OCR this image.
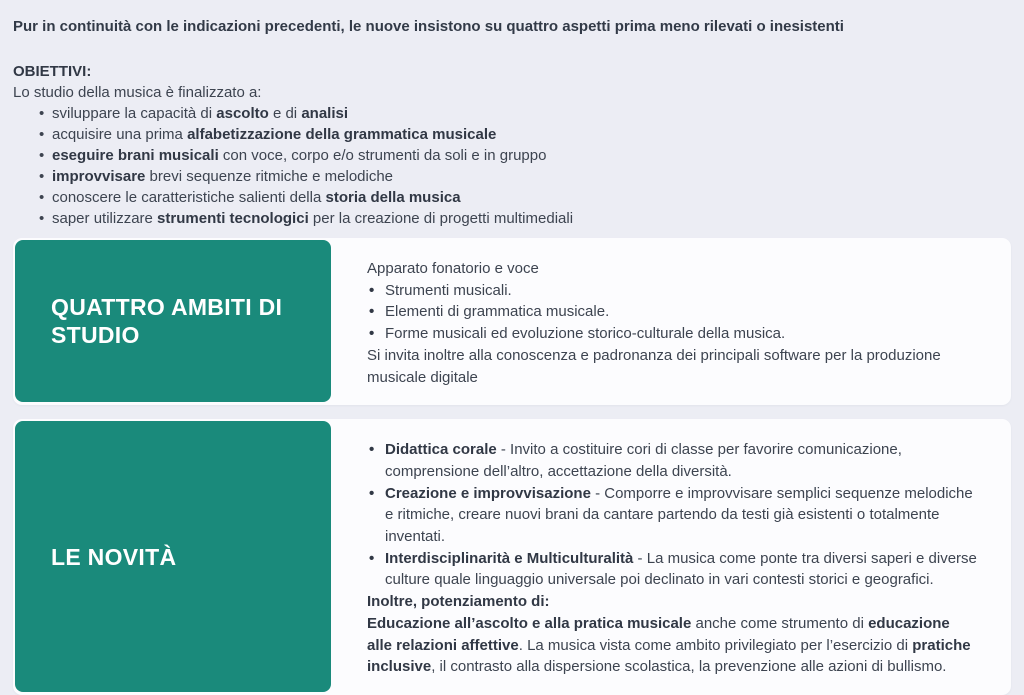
Pur in continuità con le indicazioni precedenti, le nuove insistono su quattro aspetti prima meno rilevati o inesistenti

OBIETTIVI:

Lo studio della musica è finalizzato a:

• sviluppare la capacità di ascolto e di analisi
• acquisire una prima alfabetizzazione della grammatica musicale
• eseguire brani musicali con voce, corpo e/o strumenti da soli e in gruppo
• improvvisare brevi sequenze ritmiche e melodiche
• conoscere le caratteristiche salienti della storia della musica
• saper utilizzare strumenti tecnologici per la creazione di progetti multimediali
QUATTRO AMBITI DI STUDIO

Apparato fonatorio e voce

• Strumenti musicali.
• Elementi di grammatica musicale.
• Forme musicali ed evoluzione storico-culturale della musica.

Si invita inoltre alla conoscenza e padronanza dei principali software per la produzione musicale digitale

LE NOVITÀ
• Didattica corale - Invito a costituire cori di classe per favorire comunicazione, comprensione dell’altro, accettazione della diversità.
• Creazione e improvvisazione - Comporre e improvvisare semplici sequenze melodiche e ritmiche, creare nuovi brani da cantare partendo da testi già esistenti o totalmente inventati.
• Interdisciplinarità e Multiculturalità - La musica come ponte tra diversi saperi e diverse culture quale linguaggio universale poi declinato in vari contesti storici e geografici.

Inoltre, potenziamento di:

Educazione all’ascolto e alla pratica musicale anche come strumento di educazione alle relazioni affettive. La musica vista come ambito privilegiato per l’esercizio di pratiche inclusive, il contrasto alla dispersione scolastica, la prevenzione alle azioni di bullismo.
